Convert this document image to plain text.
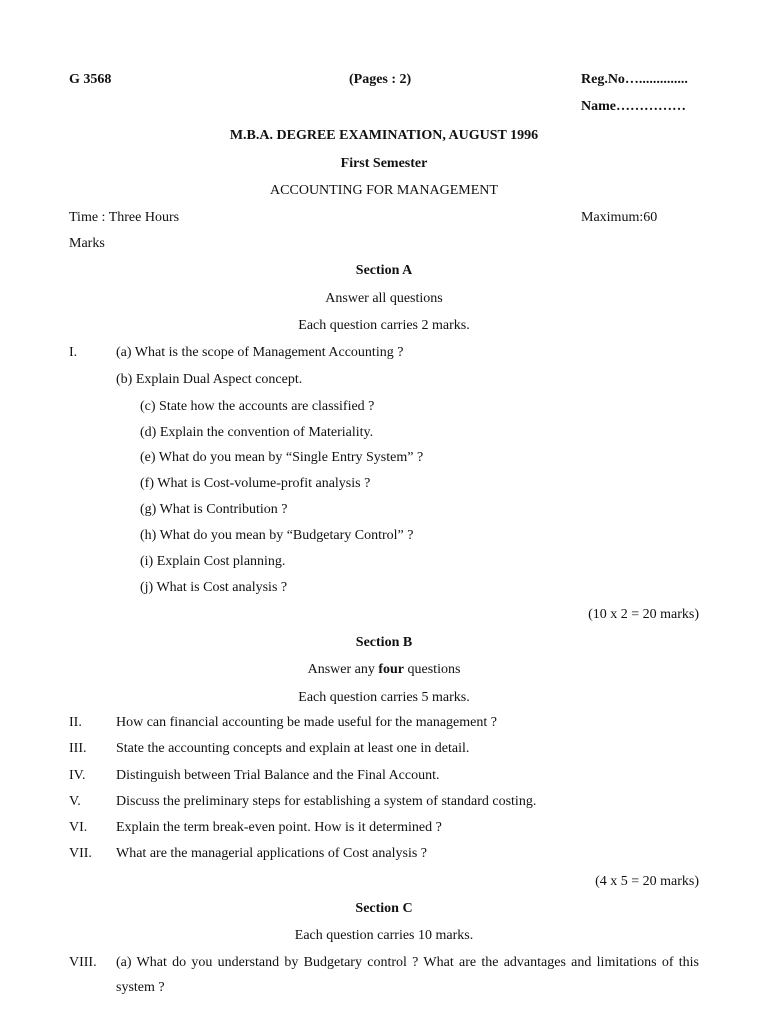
G 3568	(Pages : 2)	Reg.No…..............
Name……………
M.B.A. DEGREE EXAMINATION, AUGUST 1996
First Semester
ACCOUNTING FOR MANAGEMENT
Time : Three Hours	Maximum:60
Marks
Section A
Answer all questions
Each question carries 2 marks.
I.	(a) What is the scope of Management Accounting ?
(b) Explain Dual Aspect concept.
(c) State how the accounts are classified ?
(d) Explain the convention of Materiality.
(e) What do you mean by “Single Entry System” ?
(f) What is Cost-volume-profit analysis ?
(g) What is Contribution ?
(h) What do you mean by “Budgetary Control” ?
(i) Explain Cost planning.
(j) What is Cost analysis ?
(10 x 2 = 20 marks)
Section B
Answer any four questions
Each question carries 5 marks.
II. How can financial accounting be made useful for the management ?
III. State the accounting concepts and explain at least one in detail.
IV. Distinguish between Trial Balance and the Final Account.
V.	Discuss the preliminary steps for establishing a system of standard costing.
VI. Explain the term break-even point. How is it determined ?
VII. What are the managerial applications of Cost analysis ?
(4 x 5 = 20 marks)
Section C
Each question carries 10 marks.
VIII. (a) What do you understand by Budgetary control ? What are the advantages and limitations of this system ?
